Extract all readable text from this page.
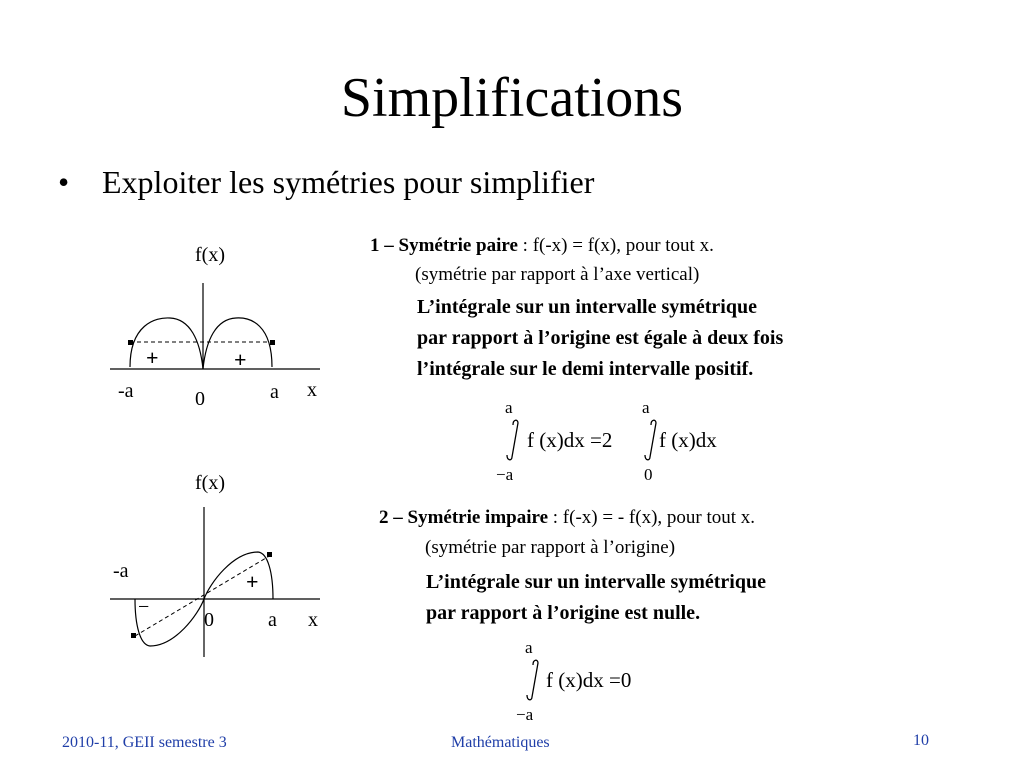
Simplifications
• Exploiter les symétries pour simplifier
f(x)
+	+
-a	0	a x
f(x)
-a	+
−
0	a x
1 – Symétrie paire : f(-x) = f(x), pour tout x.
(symétrie par rapport à l’axe vertical)
L’intégrale sur un intervalle symétrique
par rapport à l’origine est égale à deux fois
l’intégrale sur le demi intervalle positif.
a
f (x)dx =2
−a
a
f (x)dx
0
2 – Symétrie impaire : f(-x) = - f(x), pour tout x.
(symétrie par rapport à l’origine)
L’intégrale sur un intervalle symétrique
par rapport à l’origine est nulle.
a
f (x)dx =0
−a
2010-11, GEII semestre 3	Mathématiques	10
